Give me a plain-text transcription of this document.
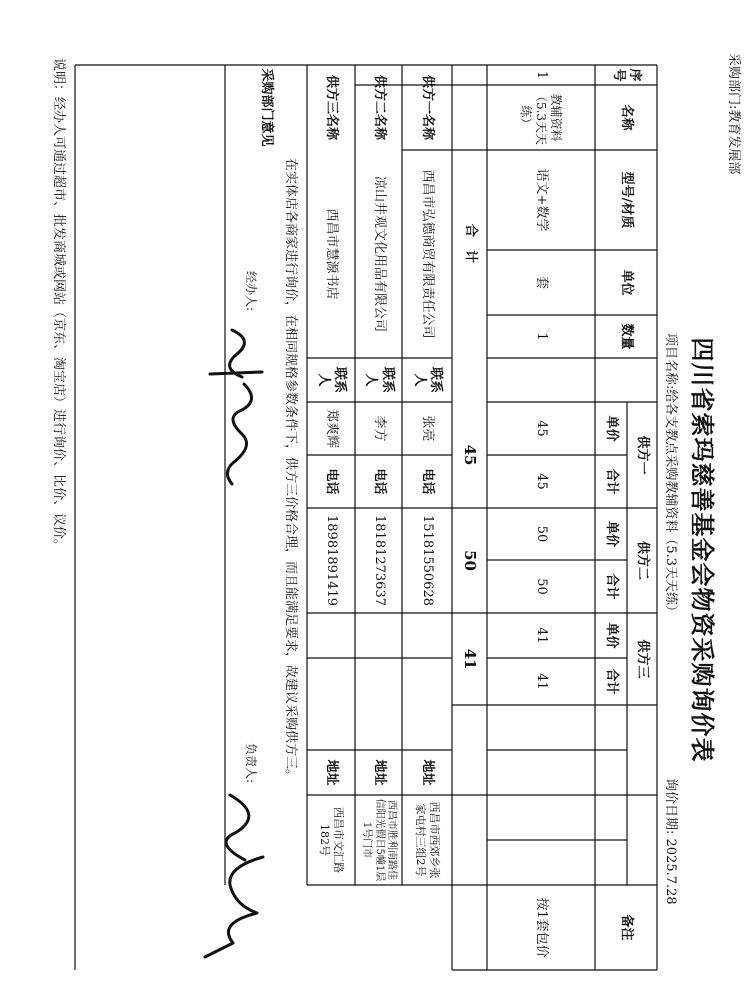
采购部门:教育发展部
四川省索玛慈善基金会物资采购询价表
项目名称:给各支教点采购教辅资料（5.3天天练）
询价日期: 2025.7.28
序号
名称
型号/材质
单位
数量
供方一
供方二
供方三
备注
单价
合计
单价
合计
单价
合计
1
教辅资料（5.3天天练）
语文+数学
套
1
45
45
50
50
41
41
按1套包价
合　计
45
50
41
供方一名称
西昌市弘德商贸有限责任公司
联系人
张亮
电话
15181550628
地址
西昌市西郊乡张家屯村三组2号
供方二名称
凉山井观文化用品有限公司
联系人
李方
电话
18181273637
地址
西昌市胜利南路佳信阳光假日5幢1层1号门市
供方三名称
西昌市慧源书店
联系人
郑爽辉
电话
18981891419
地址
西昌市文汇路182号
采购部门意见
在实体店各商家进行询价，在相同规格参数条件下，供方三价格合理，而且能满足要求，故建议采购供方三。
经办人:
负责人:
说明：经办人可通过超市、批发商城或网站（京东、淘宝店）进行询价、比价、议价。
